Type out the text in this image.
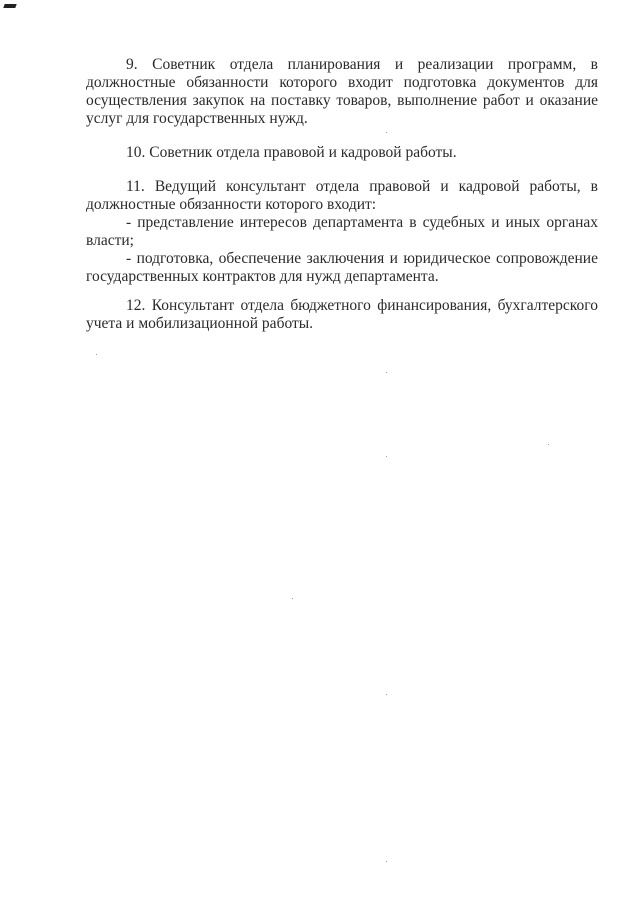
9. Советник отдела планирования и реализации программ, в
должностные обязанности которого входит подготовка документов для
осуществления закупок на поставку товаров, выполнение работ и оказание
услуг для государственных нужд.
10. Советник отдела правовой и кадровой работы.
11. Ведущий консультант отдела правовой и кадровой работы, в
должностные обязанности которого входит:
- представление интересов департамента в судебных и иных органах
власти;
- подготовка, обеспечение заключения и юридическое сопровождение
государственных контрактов для нужд департамента.
12. Консультант отдела бюджетного финансирования, бухгалтерского
учета и мобилизационной работы.
